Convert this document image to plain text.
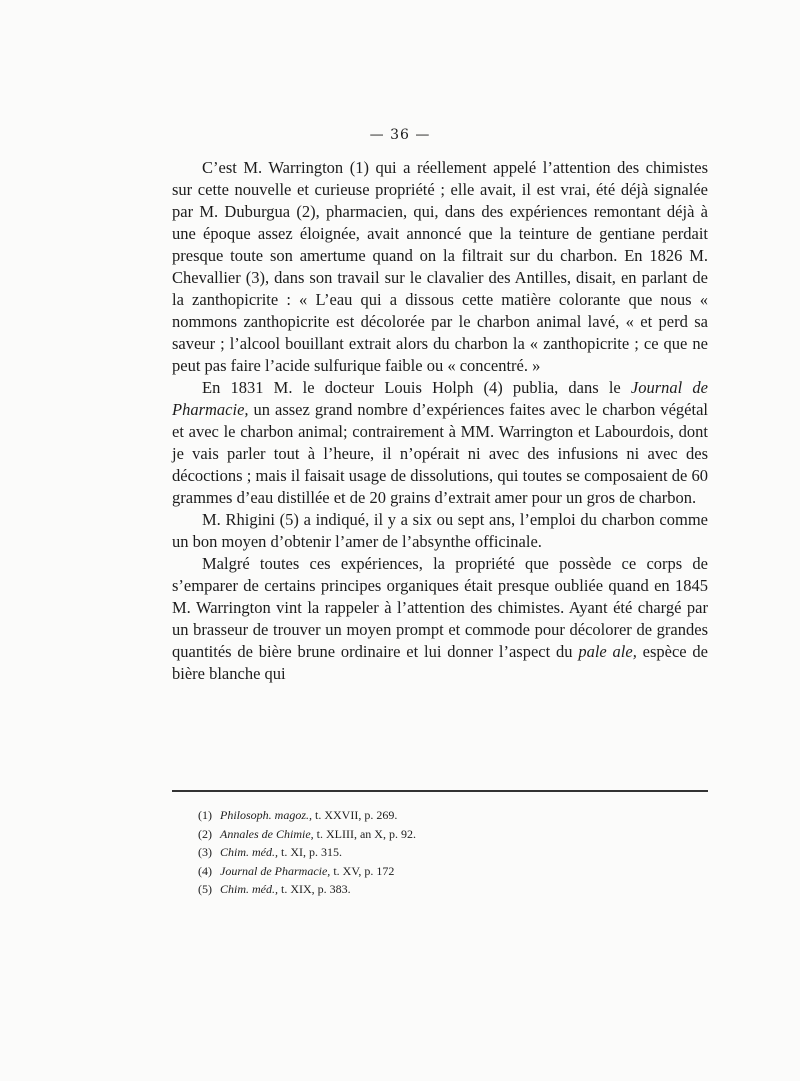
— 36 —

C’est M. Warrington (1) qui a réellement appelé l’attention des chimistes sur cette nouvelle et curieuse propriété ; elle avait, il est vrai, été déjà signalée par M. Duburgua (2), pharmacien, qui, dans des expériences remontant déjà à une époque assez éloignée, avait annoncé que la teinture de gentiane perdait presque toute son amertume quand on la filtrait sur du charbon. En 1826 M. Chevallier (3), dans son travail sur le clavalier des Antilles, disait, en parlant de la zanthopicrite : « L’eau qui a dissous cette matière colorante que nous « nommons zanthopicrite est décolorée par le charbon animal lavé, « et perd sa saveur ; l’alcool bouillant extrait alors du charbon la « zanthopicrite ; ce que ne peut pas faire l’acide sulfurique faible ou « concentré. »

En 1831 M. le docteur Louis Holph (4) publia, dans le Journal de Pharmacie, un assez grand nombre d’expériences faites avec le charbon végétal et avec le charbon animal; contrairement à MM. Warrington et Labourdois, dont je vais parler tout à l’heure, il n’opérait ni avec des infusions ni avec des décoctions ; mais il faisait usage de dissolutions, qui toutes se composaient de 60 grammes d’eau distillée et de 20 grains d’extrait amer pour un gros de charbon.

M. Rhigini (5) a indiqué, il y a six ou sept ans, l’emploi du charbon comme un bon moyen d’obtenir l’amer de l’absynthe officinale.

Malgré toutes ces expériences, la propriété que possède ce corps de s’emparer de certains principes organiques était presque oubliée quand en 1845 M. Warrington vint la rappeler à l’attention des chimistes. Ayant été chargé par un brasseur de trouver un moyen prompt et commode pour décolorer de grandes quantités de bière brune ordinaire et lui donner l’aspect du pale ale, espèce de bière blanche qui

(1) Philosoph. magoz., t. XXVII, p. 269.
(2) Annales de Chimie, t. XLIII, an X, p. 92.
(3) Chim. méd., t. XI, p. 315.
(4) Journal de Pharmacie, t. XV, p. 172
(5) Chim. méd., t. XIX, p. 383.
